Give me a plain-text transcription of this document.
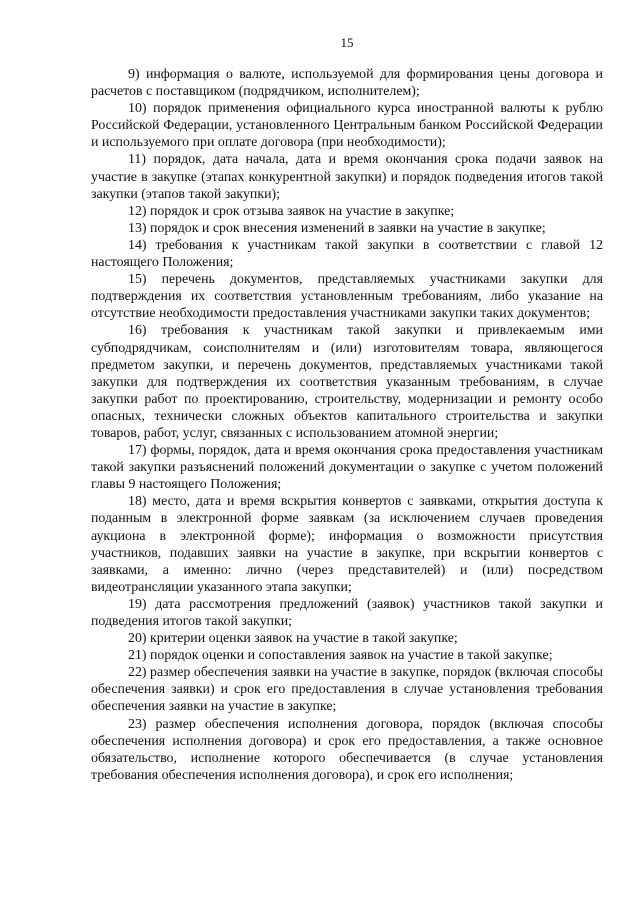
15

9) информация о валюте, используемой для формирования цены договора и расчетов с поставщиком (подрядчиком, исполнителем);

10) порядок применения официального курса иностранной валюты к рублю Российской Федерации, установленного Центральным банком Российской Федерации и используемого при оплате договора (при необходимости);

11) порядок, дата начала, дата и время окончания срока подачи заявок на участие в закупке (этапах конкурентной закупки) и порядок подведения итогов такой закупки (этапов такой закупки);

12) порядок и срок отзыва заявок на участие в закупке;

13) порядок и срок внесения изменений в заявки на участие в закупке;

14) требования к участникам такой закупки в соответствии с главой 12 настоящего Положения;

15) перечень документов, представляемых участниками закупки для подтверждения их соответствия установленным требованиям, либо указание на отсутствие необходимости предоставления участниками закупки таких документов;

16) требования к участникам такой закупки и привлекаемым ими субподрядчикам, соисполнителям и (или) изготовителям товара, являющегося предметом закупки, и перечень документов, представляемых участниками такой закупки для подтверждения их соответствия указанным требованиям, в случае закупки работ по проектированию, строительству, модернизации и ремонту особо опасных, технически сложных объектов капитального строительства и закупки товаров, работ, услуг, связанных с использованием атомной энергии;

17) формы, порядок, дата и время окончания срока предоставления участникам такой закупки разъяснений положений документации о закупке с учетом положений главы 9 настоящего Положения;

18) место, дата и время вскрытия конвертов с заявками, открытия доступа к поданным в электронной форме заявкам (за исключением случаев проведения аукциона в электронной форме); информация о возможности присутствия участников, подавших заявки на участие в закупке, при вскрытии конвертов с заявками, а именно: лично (через представителей) и (или) посредством видеотрансляции указанного этапа закупки;

19) дата рассмотрения предложений (заявок) участников такой закупки и подведения итогов такой закупки;

20) критерии оценки заявок на участие в такой закупке;

21) порядок оценки и сопоставления заявок на участие в такой закупке;

22) размер обеспечения заявки на участие в закупке, порядок (включая способы обеспечения заявки) и срок его предоставления в случае установления требования обеспечения заявки на участие в закупке;

23) размер обеспечения исполнения договора, порядок (включая способы обеспечения исполнения договора) и срок его предоставления, а также основное обязательство, исполнение которого обеспечивается (в случае установления требования обеспечения исполнения договора), и срок его исполнения;
